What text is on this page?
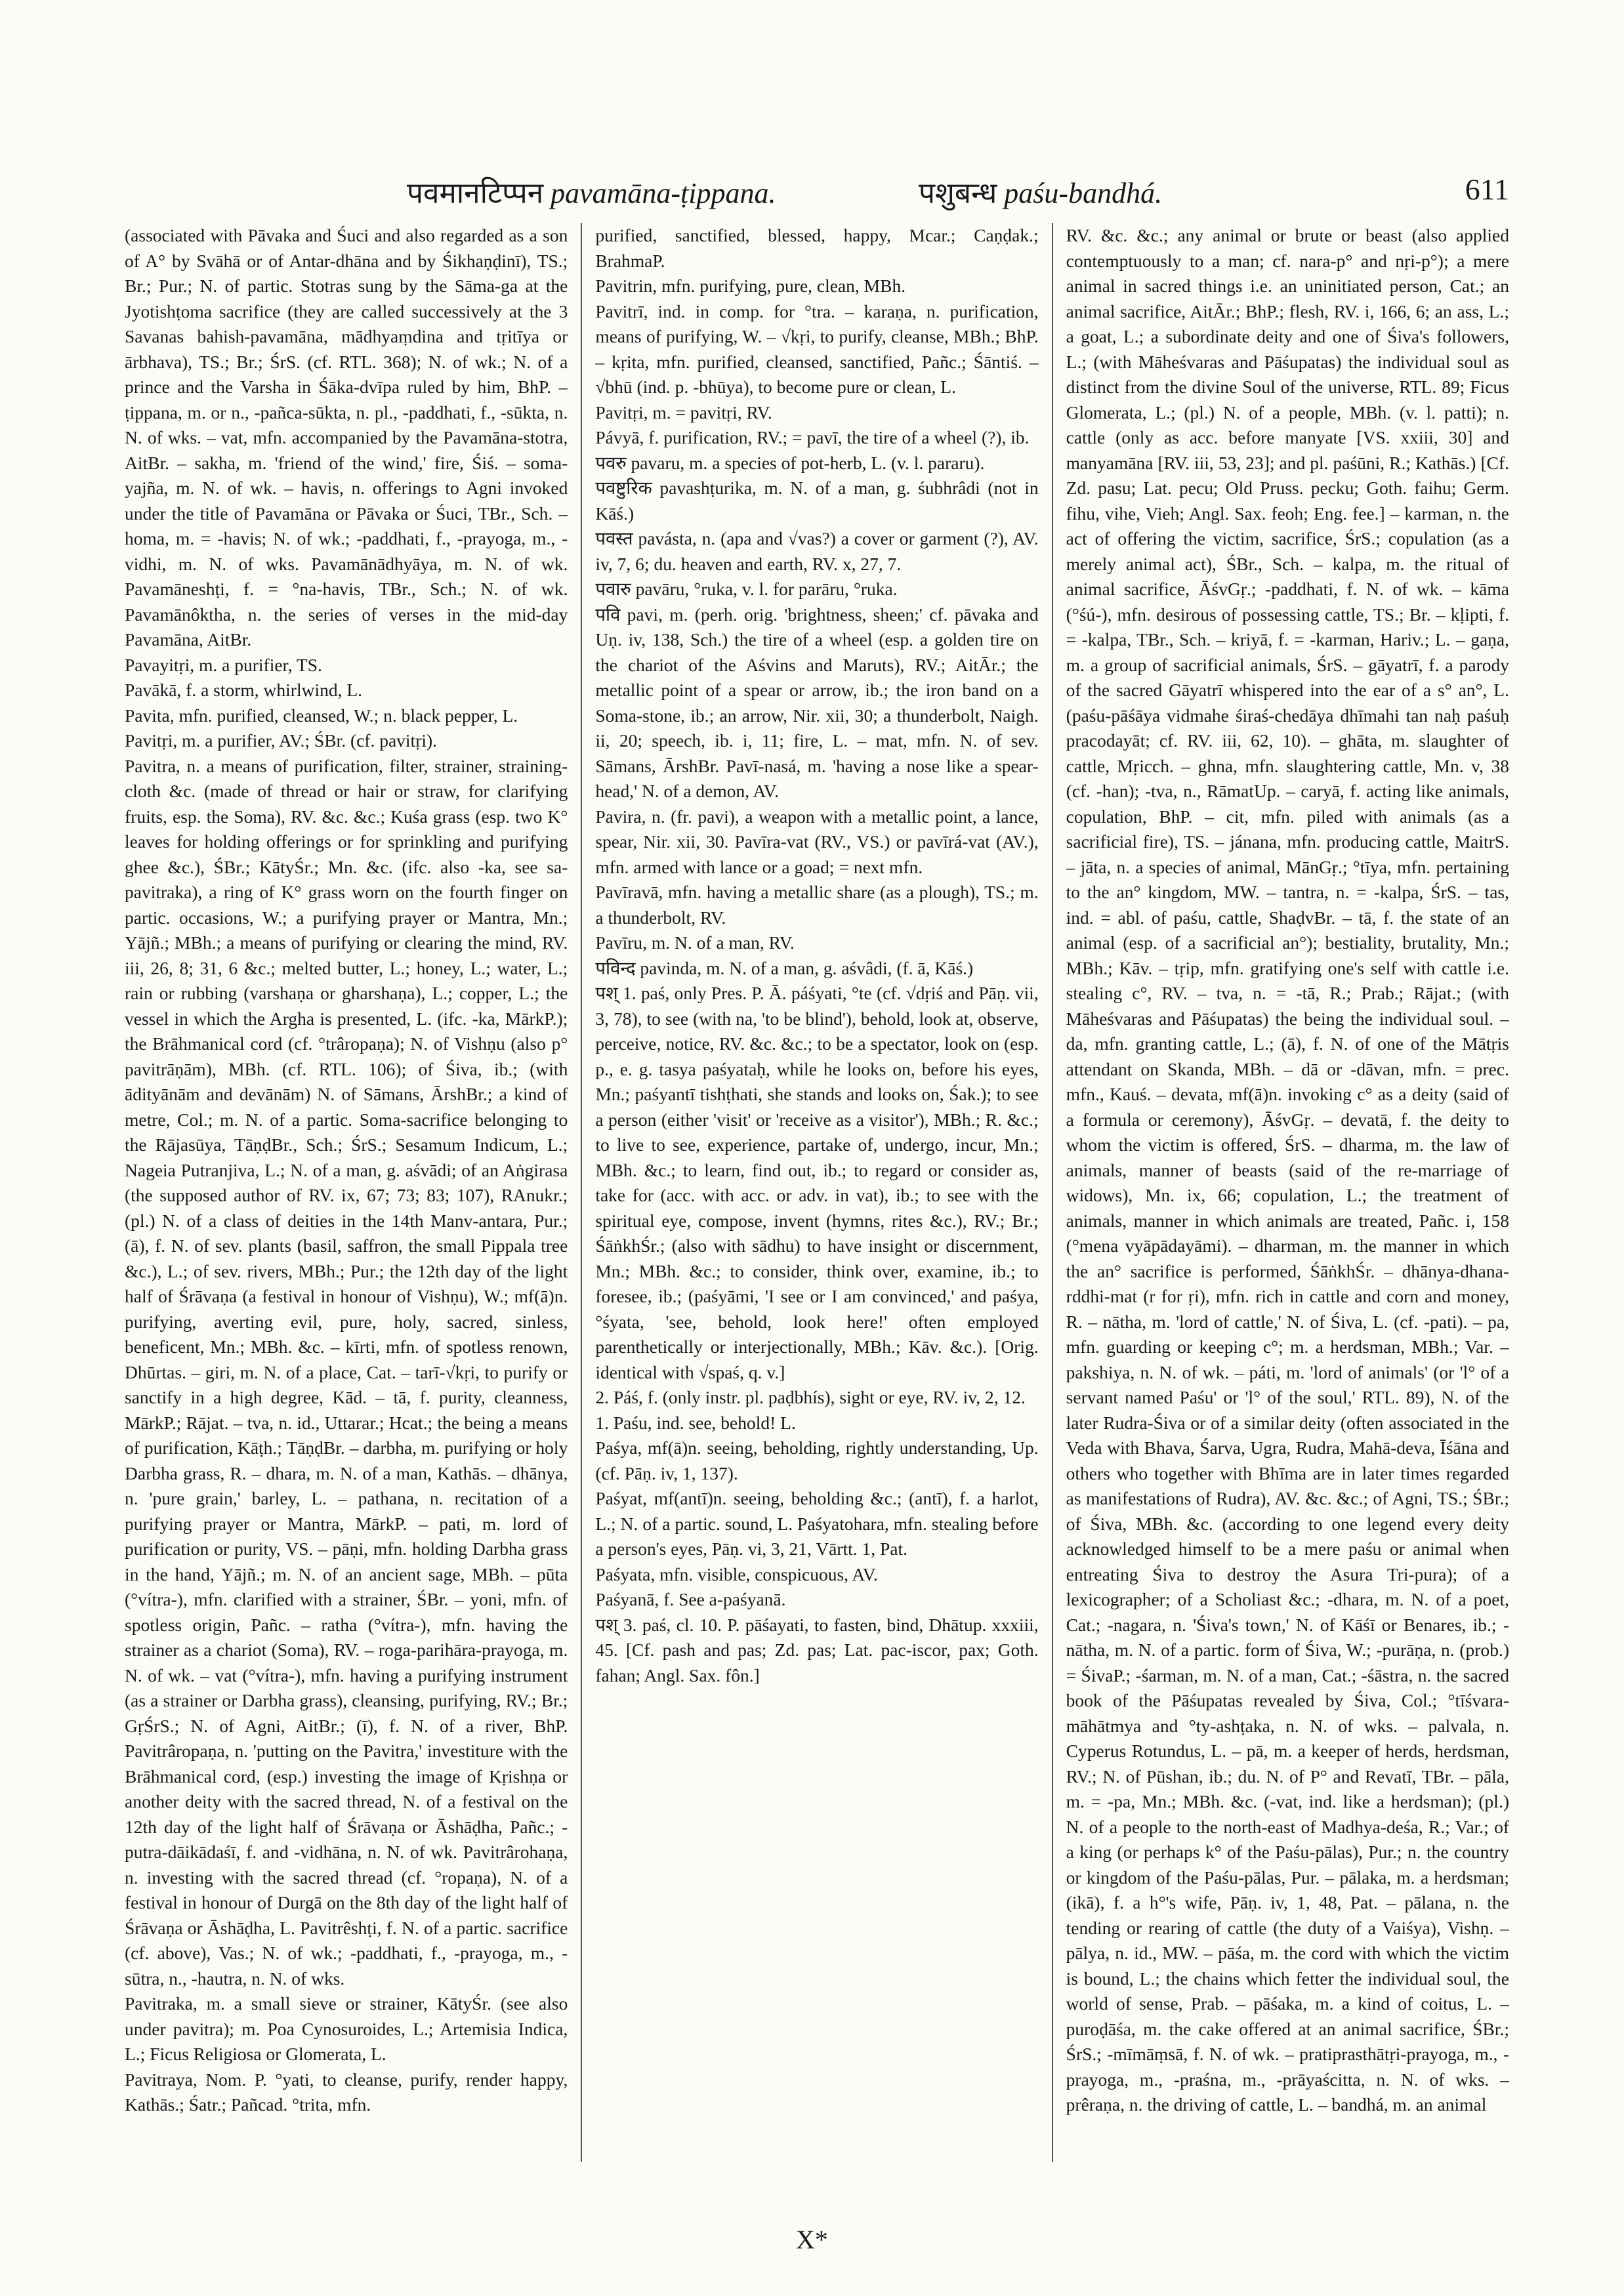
पवमानटिप्पन pavamāna-ṭippana.	पशुबन्ध paśu-bandhá.	611

(associated with Pāvaka and Śuci and also regarded as a son of A° by Svāhā or of Antar-dhāna and by Śikhaṇḍinī), TS.; Br.; Pur.; N. of partic. Stotras sung by the Sāma-ga at the Jyotishṭoma sacrifice (they are called successively at the 3 Savanas bahish-pavamāna, mādhyaṃdina and tṛitīya or ārbhava), TS.; Br.; ŚrS. (cf. RTL. 368); N. of wk.; N. of a prince and the Varsha in Śāka-dvīpa ruled by him, BhP. – ṭippana, m. or n., -pañca-sūkta, n. pl., -paddhati, f., -sūkta, n. N. of wks. – vat, mfn. accompanied by the Pavamāna-stotra, AitBr. – sakha, m. 'friend of the wind,' fire, Śiś. – soma-yajña, m. N. of wk. – havis, n. offerings to Agni invoked under the title of Pavamāna or Pāvaka or Śuci, TBr., Sch. – homa, m. = -havis; N. of wk.; -paddhati, f., -prayoga, m., -vidhi, m. N. of wks. Pavamānādhyāya, m. N. of wk. Pavamāneshṭi, f. = °na-havis, TBr., Sch.; N. of wk. Pavamānôktha, n. the series of verses in the mid-day Pavamāna, AitBr.

Pavayitṛi, m. a purifier, TS.

Pavākā, f. a storm, whirlwind, L.

Pavita, mfn. purified, cleansed, W.; n. black pepper, L.

Pavitṛi, m. a purifier, AV.; ŚBr. (cf. pavitṛi).

Pavitra, n. a means of purification, filter, strainer, straining-cloth &c. (made of thread or hair or straw, for clarifying fruits, esp. the Soma), RV. &c. &c.; Kuśa grass (esp. two K° leaves for holding offerings or for sprinkling and purifying ghee &c.), ŚBr.; KātyŚr.; Mn. &c. (ifc. also -ka, see sa-pavitraka), a ring of K° grass worn on the fourth finger on partic. occasions, W.; a purifying prayer or Mantra, Mn.; Yājñ.; MBh.; a means of purifying or clearing the mind, RV. iii, 26, 8; 31, 6 &c.; melted butter, L.; honey, L.; water, L.; rain or rubbing (varshaṇa or gharshaṇa), L.; copper, L.; the vessel in which the Argha is presented, L. (ifc. -ka, MārkP.); the Brāhmanical cord (cf. °trâropaṇa); N. of Vishṇu (also p° pavitrāṇām), MBh. (cf. RTL. 106); of Śiva, ib.; (with ādityānām and devānām) N. of Sāmans, ĀrshBr.; a kind of metre, Col.; m. N. of a partic. Soma-sacrifice belonging to the Rājasūya, TāṇḍBr., Sch.; ŚrS.; Sesamum Indicum, L.; Nageia Putranjiva, L.; N. of a man, g. aśvādi; of an Aṅgirasa (the supposed author of RV. ix, 67; 73; 83; 107), RAnukr.; (pl.) N. of a class of deities in the 14th Manv-antara, Pur.; (ā), f. N. of sev. plants (basil, saffron, the small Pippala tree &c.), L.; of sev. rivers, MBh.; Pur.; the 12th day of the light half of Śrāvaṇa (a festival in honour of Vishṇu), W.; mf(ā)n. purifying, averting evil, pure, holy, sacred, sinless, beneficent, Mn.; MBh. &c. – kīrti, mfn. of spotless renown, Dhūrtas. – giri, m. N. of a place, Cat. – tarī-√kṛi, to purify or sanctify in a high degree, Kād. – tā, f. purity, cleanness, MārkP.; Rājat. – tva, n. id., Uttarar.; Hcat.; the being a means of purification, Kāṭh.; TāṇḍBr. – darbha, m. purifying or holy Darbha grass, R. – dhara, m. N. of a man, Kathās. – dhānya, n. 'pure grain,' barley, L. – pathana, n. recitation of a purifying prayer or Mantra, MārkP. – pati, m. lord of purification or purity, VS. – pāṇi, mfn. holding Darbha grass in the hand, Yājñ.; m. N. of an ancient sage, MBh. – pūta (°vítra-), mfn. clarified with a strainer, ŚBr. – yoni, mfn. of spotless origin, Pañc. – ratha (°vítra-), mfn. having the strainer as a chariot (Soma), RV. – roga-parihāra-prayoga, m. N. of wk. – vat (°vítra-), mfn. having a purifying instrument (as a strainer or Darbha grass), cleansing, purifying, RV.; Br.; GṛŚrS.; N. of Agni, AitBr.; (ī), f. N. of a river, BhP. Pavitrâropaṇa, n. 'putting on the Pavitra,' investiture with the Brāhmanical cord, (esp.) investing the image of Kṛishṇa or another deity with the sacred thread, N. of a festival on the 12th day of the light half of Śrāvaṇa or Āshāḍha, Pañc.; -putra-dāikādaśī, f. and -vidhāna, n. N. of wk. Pavitrârohaṇa, n. investing with the sacred thread (cf. °ropaṇa), N. of a festival in honour of Durgā on the 8th day of the light half of Śrāvaṇa or Āshāḍha, L. Pavitrêshṭi, f. N. of a partic. sacrifice (cf. above), Vas.; N. of wk.; -paddhati, f., -prayoga, m., -sūtra, n., -hautra, n. N. of wks.

Pavitraka, m. a small sieve or strainer, KātyŚr. (see also under pavitra); m. Poa Cynosuroides, L.; Artemisia Indica, L.; Ficus Religiosa or Glomerata, L.

Pavitraya, Nom. P. °yati, to cleanse, purify, render happy, Kathās.; Śatr.; Pañcad. °trita, mfn.

purified, sanctified, blessed, happy, Mcar.; Caṇḍak.; BrahmaP.

Pavitrin, mfn. purifying, pure, clean, MBh.

Pavitrī, ind. in comp. for °tra. – karaṇa, n. purification, means of purifying, W. – √kṛi, to purify, cleanse, MBh.; BhP. – kṛita, mfn. purified, cleansed, sanctified, Pañc.; Śāntiś. – √bhū (ind. p. -bhūya), to become pure or clean, L.

Pavitṛi, m. = pavitṛi, RV.

Pávyā, f. purification, RV.; = pavī, the tire of a wheel (?), ib.

पवरु pavaru, m. a species of pot-herb, L. (v. l. pararu).

पवष्टुरिक pavashṭurika, m. N. of a man, g. śubhrâdi (not in Kāś.)

पवस्त pavásta, n. (apa and √vas?) a cover or garment (?), AV. iv, 7, 6; du. heaven and earth, RV. x, 27, 7.

पवारु pavāru, °ruka, v. l. for parāru, °ruka.

पवि pavi, m. (perh. orig. 'brightness, sheen;' cf. pāvaka and Uṇ. iv, 138, Sch.) the tire of a wheel (esp. a golden tire on the chariot of the Aśvins and Maruts), RV.; AitĀr.; the metallic point of a spear or arrow, ib.; the iron band on a Soma-stone, ib.; an arrow, Nir. xii, 30; a thunderbolt, Naigh. ii, 20; speech, ib. i, 11; fire, L. – mat, mfn. N. of sev. Sāmans, ĀrshBr. Pavī-nasá, m. 'having a nose like a spear-head,' N. of a demon, AV.

Pavira, n. (fr. pavi), a weapon with a metallic point, a lance, spear, Nir. xii, 30. Pavīra-vat (RV., VS.) or pavīrá-vat (AV.), mfn. armed with lance or a goad; = next mfn.

Pavīravā, mfn. having a metallic share (as a plough), TS.; m. a thunderbolt, RV.

Pavīru, m. N. of a man, RV.

पविन्द pavinda, m. N. of a man, g. aśvâdi, (f. ā, Kāś.)

पश् 1. paś, only Pres. P. Ā. páśyati, °te (cf. √dṛiś and Pāṇ. vii, 3, 78), to see (with na, 'to be blind'), behold, look at, observe, perceive, notice, RV. &c. &c.; to be a spectator, look on (esp. p., e. g. tasya paśyataḥ, while he looks on, before his eyes, Mn.; paśyantī tishṭhati, she stands and looks on, Śak.); to see a person (either 'visit' or 'receive as a visitor'), MBh.; R. &c.; to live to see, experience, partake of, undergo, incur, Mn.; MBh. &c.; to learn, find out, ib.; to regard or consider as, take for (acc. with acc. or adv. in vat), ib.; to see with the spiritual eye, compose, invent (hymns, rites &c.), RV.; Br.; ŚāṅkhŚr.; (also with sādhu) to have insight or discernment, Mn.; MBh. &c.; to consider, think over, examine, ib.; to foresee, ib.; (paśyāmi, 'I see or I am convinced,' and paśya, °śyata, 'see, behold, look here!' often employed parenthetically or interjectionally, MBh.; Kāv. &c.). [Orig. identical with √spaś, q. v.]

2. Páś, f. (only instr. pl. paḍbhís), sight or eye, RV. iv, 2, 12.

1. Paśu, ind. see, behold! L.

Paśya, mf(ā)n. seeing, beholding, rightly understanding, Up. (cf. Pāṇ. iv, 1, 137).

Paśyat, mf(antī)n. seeing, beholding &c.; (antī), f. a harlot, L.; N. of a partic. sound, L. Paśyatohara, mfn. stealing before a person's eyes, Pāṇ. vi, 3, 21, Vārtt. 1, Pat.

Paśyata, mfn. visible, conspicuous, AV.

Paśyanā, f. See a-paśyanā.

पश् 3. paś, cl. 10. P. pāśayati, to fasten, bind, Dhātup. xxxiii, 45. [Cf. pash and pas; Zd. pas; Lat. pac-iscor, pax; Goth. fahan; Angl. Sax. fôn.]

RV. &c. &c.; any animal or brute or beast (also applied contemptuously to a man; cf. nara-p° and nṛi-p°); a mere animal in sacred things i.e. an uninitiated person, Cat.; an animal sacrifice, AitĀr.; BhP.; flesh, RV. i, 166, 6; an ass, L.; a goat, L.; a subordinate deity and one of Śiva's followers, L.; (with Māheśvaras and Pāśupatas) the individual soul as distinct from the divine Soul of the universe, RTL. 89; Ficus Glomerata, L.; (pl.) N. of a people, MBh. (v. l. patti); n. cattle (only as acc. before manyate [VS. xxiii, 30] and manyamāna [RV. iii, 53, 23]; and pl. paśūni, R.; Kathās.) [Cf. Zd. pasu; Lat. pecu; Old Pruss. pecku; Goth. faihu; Germ. fihu, vihe, Vieh; Angl. Sax. feoh; Eng. fee.] – karman, n. the act of offering the victim, sacrifice, ŚrS.; copulation (as a merely animal act), ŚBr., Sch. – kalpa, m. the ritual of animal sacrifice, ĀśvGṛ.; -paddhati, f. N. of wk. – kāma (°śú-), mfn. desirous of possessing cattle, TS.; Br. – kḷipti, f. = -kalpa, TBr., Sch. – kriyā, f. = -karman, Hariv.; L. – gaṇa, m. a group of sacrificial animals, ŚrS. – gāyatrī, f. a parody of the sacred Gāyatrī whispered into the ear of a s° an°, L. (paśu-pāśāya vidmahe śiraś-chedāya dhīmahi tan naḥ paśuḥ pracodayāt; cf. RV. iii, 62, 10). – ghāta, m. slaughter of cattle, Mṛicch. – ghna, mfn. slaughtering cattle, Mn. v, 38 (cf. -han); -tva, n., RāmatUp. – caryā, f. acting like animals, copulation, BhP. – cit, mfn. piled with animals (as a sacrificial fire), TS. – jánana, mfn. producing cattle, MaitrS. – jāta, n. a species of animal, MānGṛ.; °tīya, mfn. pertaining to the an° kingdom, MW. – tantra, n. = -kalpa, ŚrS. – tas, ind. = abl. of paśu, cattle, ShaḍvBr. – tā, f. the state of an animal (esp. of a sacrificial an°); bestiality, brutality, Mn.; MBh.; Kāv. – tṛip, mfn. gratifying one's self with cattle i.e. stealing c°, RV. – tva, n. = -tā, R.; Prab.; Rājat.; (with Māheśvaras and Pāśupatas) the being the individual soul. – da, mfn. granting cattle, L.; (ā), f. N. of one of the Mātṛis attendant on Skanda, MBh. – dā or -dāvan, mfn. = prec. mfn., Kauś. – devata, mf(ā)n. invoking c° as a deity (said of a formula or ceremony), ĀśvGṛ. – devatā, f. the deity to whom the victim is offered, ŚrS. – dharma, m. the law of animals, manner of beasts (said of the re-marriage of widows), Mn. ix, 66; copulation, L.; the treatment of animals, manner in which animals are treated, Pañc. i, 158 (°mena vyāpādayāmi). – dharman, m. the manner in which the an° sacrifice is performed, ŚāṅkhŚr. – dhānya-dhana-rddhi-mat (r for ṛi), mfn. rich in cattle and corn and money, R. – nātha, m. 'lord of cattle,' N. of Śiva, L. (cf. -pati). – pa, mfn. guarding or keeping c°; m. a herdsman, MBh.; Var. – pakshiya, n. N. of wk. – páti, m. 'lord of animals' (or 'l° of a servant named Paśu' or 'l° of the soul,' RTL. 89), N. of the later Rudra-Śiva or of a similar deity (often associated in the Veda with Bhava, Śarva, Ugra, Rudra, Mahā-deva, Īśāna and others who together with Bhīma are in later times regarded as manifestations of Rudra), AV. &c. &c.; of Agni, TS.; ŚBr.; of Śiva, MBh. &c. (according to one legend every deity acknowledged himself to be a mere paśu or animal when entreating Śiva to destroy the Asura Tri-pura); of a lexicographer; of a Scholiast &c.; -dhara, m. N. of a poet, Cat.; -nagara, n. 'Śiva's town,' N. of Kāśī or Benares, ib.; -nātha, m. N. of a partic. form of Śiva, W.; -purāṇa, n. (prob.) = ŚivaP.; -śarman, m. N. of a man, Cat.; -śāstra, n. the sacred book of the Pāśupatas revealed by Śiva, Col.; °tīśvara-māhātmya and °ty-ashṭaka, n. N. of wks. – palvala, n. Cyperus Rotundus, L. – pā, m. a keeper of herds, herdsman, RV.; N. of Pūshan, ib.; du. N. of P° and Revatī, TBr. – pāla, m. = -pa, Mn.; MBh. &c. (-vat, ind. like a herdsman); (pl.) N. of a people to the north-east of Madhya-deśa, R.; Var.; of a king (or perhaps k° of the Paśu-pālas), Pur.; n. the country or kingdom of the Paśu-pālas, Pur. – pālaka, m. a herdsman; (ikā), f. a h°'s wife, Pāṇ. iv, 1, 48, Pat. – pālana, n. the tending or rearing of cattle (the duty of a Vaiśya), Vishṇ. – pālya, n. id., MW. – pāśa, m. the cord with which the victim is bound, L.; the chains which fetter the individual soul, the world of sense, Prab. – pāśaka, m. a kind of coitus, L. – puroḍāśa, m. the cake offered at an animal sacrifice, ŚBr.; ŚrS.; -mīmāṃsā, f. N. of wk. – pratiprasthātṛi-prayoga, m., -prayoga, m., -praśna, m., -prāyaścitta, n. N. of wks. – prêraṇa, n. the driving of cattle, L. – bandhá, m. an animal

X*
